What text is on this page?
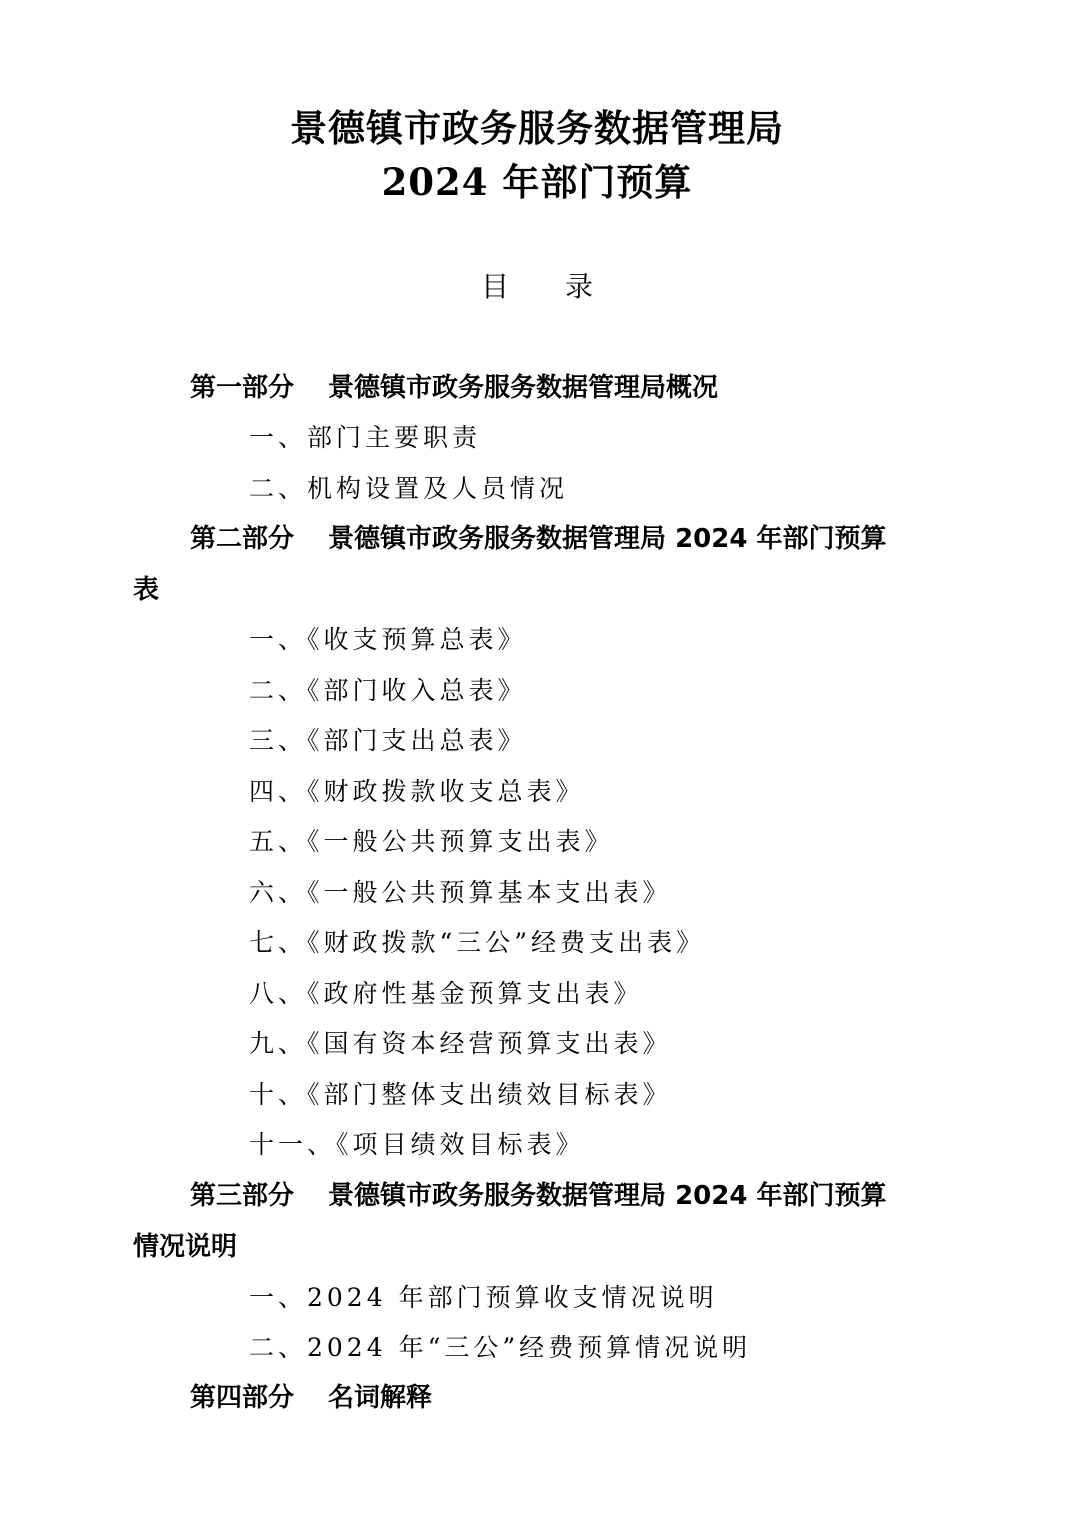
景德镇市政务服务数据管理局
2024 年部门预算
目 录
第一部分 景德镇市政务服务数据管理局概况
一、部门主要职责
二、机构设置及人员情况
第二部分 景德镇市政务服务数据管理局 2024 年部门预算
表
一、《收支预算总表》
二、《部门收入总表》
三、《部门支出总表》
四、《财政拨款收支总表》
五、《一般公共预算支出表》
六、《一般公共预算基本支出表》
七、《财政拨款“三公”经费支出表》
八、《政府性基金预算支出表》
九、《国有资本经营预算支出表》
十、《部门整体支出绩效目标表》
十一、《项目绩效目标表》
第三部分 景德镇市政务服务数据管理局 2024 年部门预算
情况说明
一、2024 年部门预算收支情况说明
二、2024 年“三公”经费预算情况说明
第四部分 名词解释
